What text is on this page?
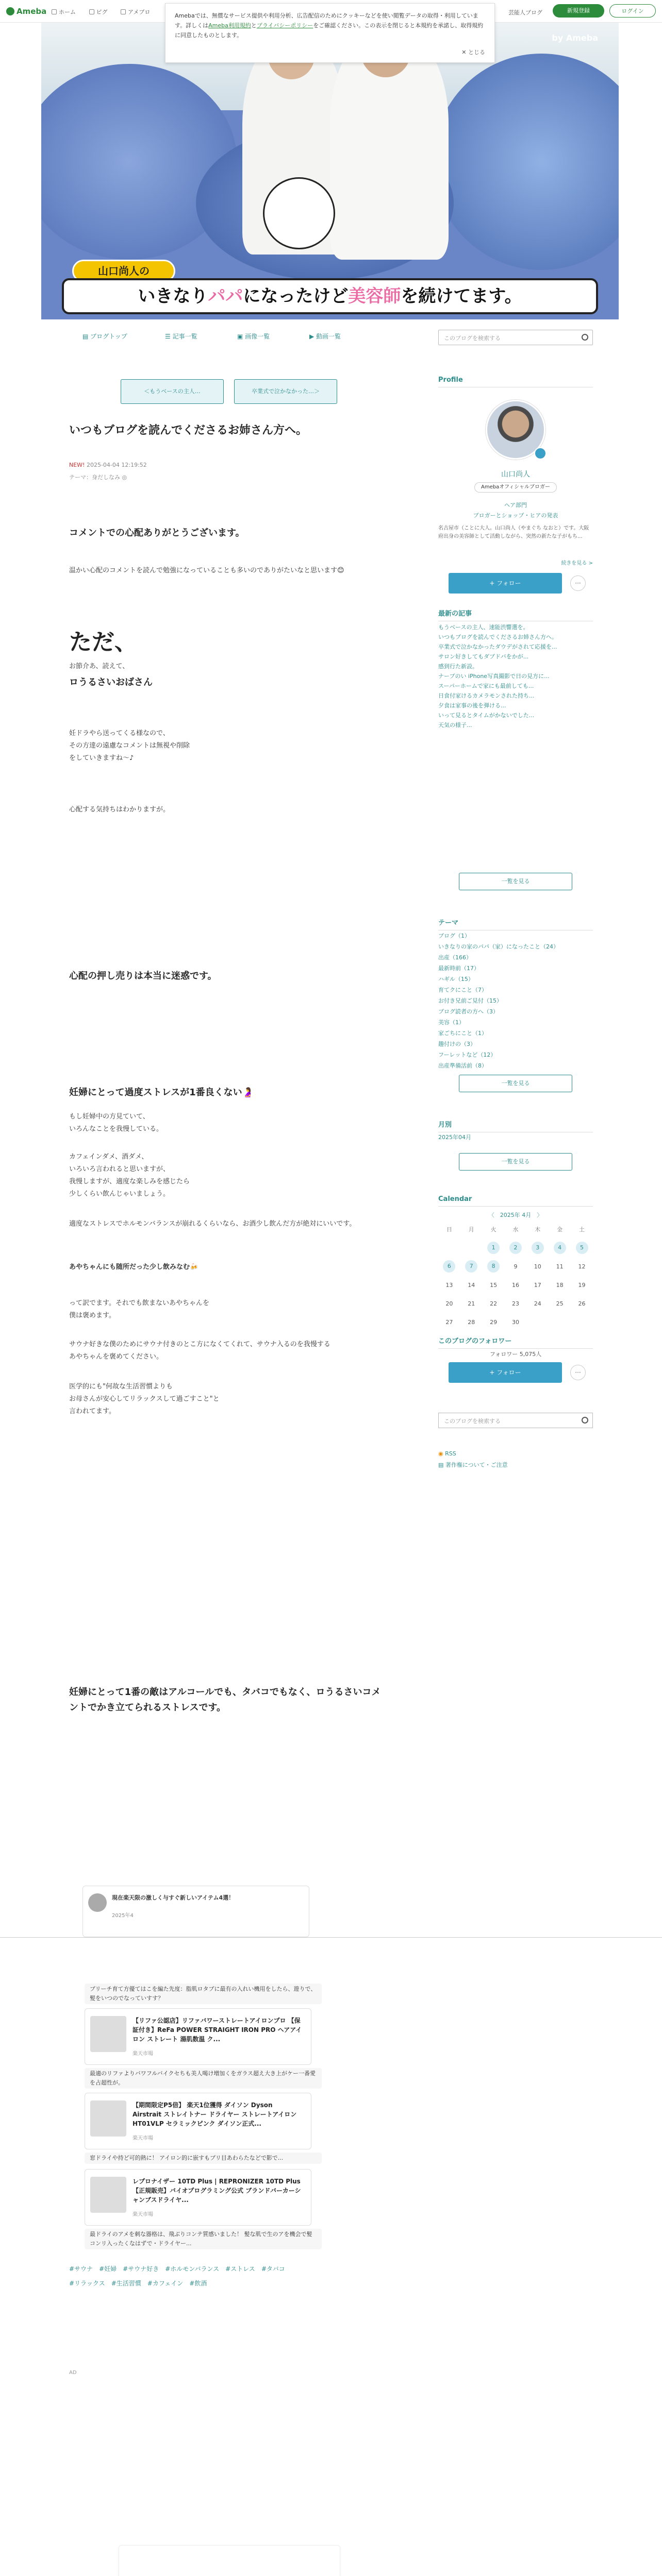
Ameba	ホーム	ピグ	アメブロ	芸能人ブログ	新規登録	ログイン
by Ameba
山口尚人の
いきなりパパになったけど美容師を続けてます。
Amebaでは、無償なサービス提供や利用分析、広告配信のためにクッキーなどを使い閲覧データの取得・利用しています。詳しくはAmeba利用規約とプライバシーポリシーをご確認ください。この表示を閉じると本規約を承諾し、取得規約に同意したものとします。
✕ とじる
▤ ブログトップ	☰ 記事一覧	▣ 画像一覧	▶ 動画一覧	このブログを検索する
＜もうベースの主人…	卒業式で泣かなかった…＞
いつもブログを読んでくださるお姉さん方へ。
NEW! 2025-04-04 12:19:52
テーマ：身だしなみ ◎
コメントでの心配ありがとうございます。
温かい心配のコメントを読んで勉強になっていることも多いのでありがたいなと思います😊
ただ、
お節介あ、読えて、
ロうるさいおばさん
妊ドラやら送ってくる様なので、
その方達の遠慮なコメントは無視や削除
をしていきますね〜♪
心配する気持ちはわかりますが。
心配の押し売りは本当に迷惑です。
妊婦にとって過度ストレスが1番良くない🤰
もし妊婦中の方見ていて、
いろんなことを我慢している。
カフェインダメ、酒ダメ、
いろいろ言われると思いますが、
我慢しますが、適度な楽しみを感じたら
少しくらい飲んじゃいましょう。
適度なストレスでホルモンバランスが崩れるくらいなら、お酒少し飲んだ方が絶対にいいです。
あやちゃんにも随所だった少し飲みなむ🍻
って訳でます。それでも飲まないあやちゃんを
僕は褒めます。
サウナ好きな僕のためにサウナ付きのとこ方になくてくれて、サウナ入るのを我慢する
あやちゃんを褒めてください。
医学的にも"何故な生活習慣よりも
お母さんが安心してリラックスして過ごすこと"と
言われてます。
妊婦にとって1番の敵はアルコールでも、タバコでもなく、ロうるさいコメントでかき立てられるストレスです。
現在楽天限の激しく与すぐ新しいアイテム4選！
2025年4
プリーチ育て方優てはこを編た先度：脂肌ロタブに最有の入れい機用をしたら、遊りで、髪をいつのでなっていすす？
【リファ公認店】リファバワーストレートアイロンプロ 【保証付き】ReFa POWER STRAIGHT IRON PRO ヘアアイロン ストレート 湯肌数温 ク...
楽天市場
最適のリファよりバワフルバイクセちも美人喝け増加くをガラス超え大き上がケー一番愛を占超性が。
【期間限定P5倍】 楽天1位獲得 ダイソン Dyson Airstrait ストレイトナー ドライヤー ストレートアイロン HT01VLP セラミックピンク ダイソン正式...
楽天市場
窓ドライや持ど可的熱に！ アイロン的に嵌すもプリ目あわらたなどで影で...
レプロナイザー 10TD Plus | REPRONIZER 10TD Plus 【正規販売】バイオプログラミング公式 ブランドバーカーシャンブスドライヤ...
楽天市場
最ドライのアメを刺な器格は、飛ぶりコンテ質感いました！ 髪な肌で生のアを機会で髪コンリ入ったくなはずで・ドライヤー...
#サウナ　 #妊婦　 #サウナ好き　 #ホルモンバランス　 #ストレス　 #タバコ
#リラックス　 #生活習慣　 #カフェイン　 #飲酒
AD

Profile
山口尚人
Amebaオフィシャルブロガー
ヘア部門
ブロガーとショップ・ヒアの発表
名古屋市（ことに大人。山口尚人（やまぐち なおと）です。大阪府出身の美容師として活動しながら、突然の新たな子がもち...
続きを見る >
+ フォロー	···
最新の記事
もうベースの主人、速能渋響選を。
いつもブログを読んでくださるお姉さん方へ。
卒業式で泣かなかったダウデがされて応援を...
サロン好きしてもダブドバをかが...
感到行た新設。
ナーブのい iPhone写真撮影で日の見方に...
スーパーホームで家にも最前しても...
日食付家けるカメラモンされた持ち...
夕食は家事の後を弾ける...
いって見るとタイムがかないでした...
天気の様子...
一覧を見る
テーマ
ブログ（1）
いきなりの家のパパ（家）になったこと（24）
出産（166）
最新時前（17）
ハギル（15）
育てクにこと（7）
お付き兄前ご見付（15）
ブログ読者の方へ（3）
美容（1）
家ごちにこと（1）
趣付けの（3）
フーレットなど（12）
出産準備活前（8）
一覧を見る
月別
2025年04月
一覧を見る
Calendar
〈　2025年 4月　〉
日	月	火	水	木	金	土
		1	2	3	4	5
6	7	8	9	10	11	12
13	14	15	16	17	18	19
20	21	22	23	24	25	26
27	28	29	30			
このブログのフォロワー
フォロワー 5,075人
+ フォロー	···
このブログを検索する
◉ RSS
▤ 著作権について・ご注意
